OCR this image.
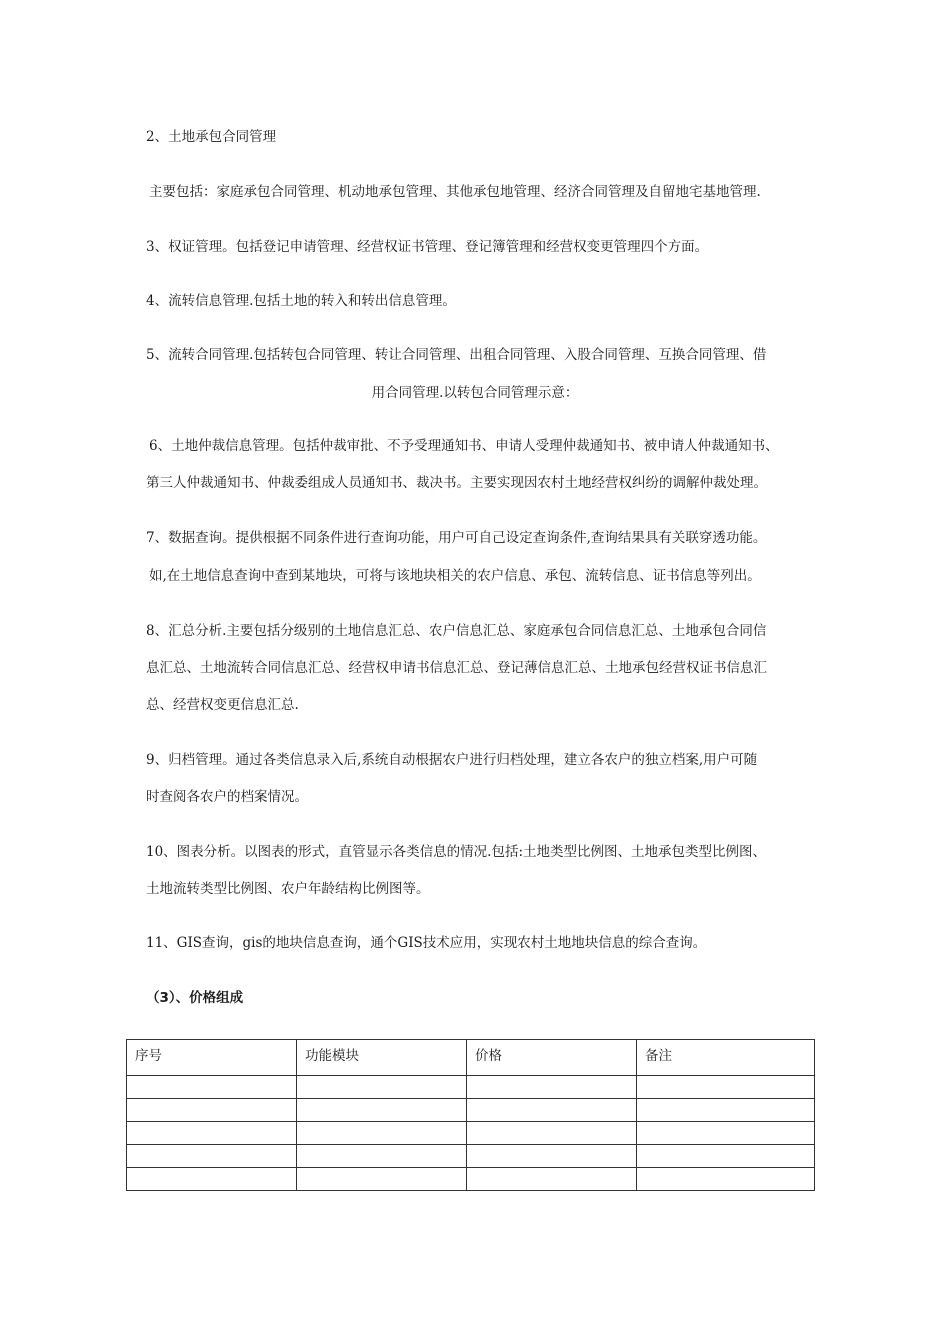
2、土地承包合同管理
主要包括：家庭承包合同管理、机动地承包管理、其他承包地管理、经济合同管理及自留地宅基地管理.
3、权证管理。包括登记申请管理、经营权证书管理、登记簿管理和经营权变更管理四个方面。
4、流转信息管理.包括土地的转入和转出信息管理。
5、流转合同管理.包括转包合同管理、转让合同管理、出租合同管理、入股合同管理、互换合同管理、借
用合同管理.以转包合同管理示意：
6、土地仲裁信息管理。包括仲裁审批、不予受理通知书、申请人受理仲裁通知书、被申请人仲裁通知书、
第三人仲裁通知书、仲裁委组成人员通知书、裁决书。主要实现因农村土地经营权纠纷的调解仲裁处理。
7、数据查询。提供根据不同条件进行查询功能，用户可自己设定查询条件,查询结果具有关联穿透功能。
如,在土地信息查询中查到某地块，可将与该地块相关的农户信息、承包、流转信息、证书信息等列出。
8、汇总分析.主要包括分级别的土地信息汇总、农户信息汇总、家庭承包合同信息汇总、土地承包合同信
息汇总、土地流转合同信息汇总、经营权申请书信息汇总、登记薄信息汇总、土地承包经营权证书信息汇
总、经营权变更信息汇总.
9、归档管理。通过各类信息录入后,系统自动根据农户进行归档处理，建立各农户的独立档案,用户可随
时查阅各农户的档案情况。
10、图表分析。以图表的形式，直管显示各类信息的情况.包括:土地类型比例图、土地承包类型比例图、
土地流转类型比例图、农户年龄结构比例图等。
11、GIS查询，gis的地块信息查询，通个GIS技术应用，实现农村土地地块信息的综合查询。
（3）、价格组成
序号	功能模块	价格	备注
